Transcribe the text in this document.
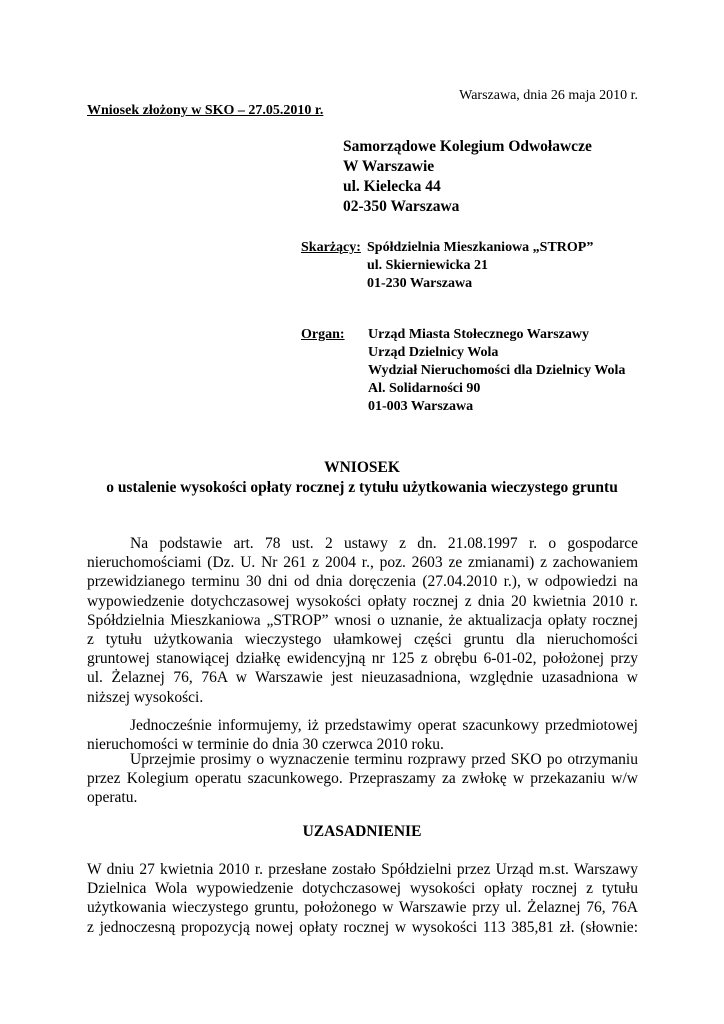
Warszawa, dnia 26 maja 2010 r.
Wniosek złożony w SKO – 27.05.2010 r.
Samorządowe Kolegium Odwoławcze
W Warszawie
ul. Kielecka 44
02-350 Warszawa
Skarżący: Spółdzielnia Mieszkaniowa „STROP”
ul. Skierniewicka 21
01-230 Warszawa
Organ: Urząd Miasta Stołecznego Warszawy
Urząd Dzielnicy Wola
Wydział Nieruchomości dla Dzielnicy Wola
Al. Solidarności 90
01-003 Warszawa
WNIOSEK
o ustalenie wysokości opłaty rocznej z tytułu użytkowania wieczystego gruntu
Na podstawie art. 78 ust. 2 ustawy z dn. 21.08.1997 r. o gospodarce
nieruchomościami (Dz. U. Nr 261 z 2004 r., poz. 2603 ze zmianami) z zachowaniem
przewidzianego terminu 30 dni od dnia doręczenia (27.04.2010 r.), w odpowiedzi na
wypowiedzenie dotychczasowej wysokości opłaty rocznej z dnia 20 kwietnia 2010 r.
Spółdzielnia Mieszkaniowa „STROP” wnosi o uznanie, że aktualizacja opłaty rocznej
z tytułu użytkowania wieczystego ułamkowej części gruntu dla nieruchomości
gruntowej stanowiącej działkę ewidencyjną nr 125 z obrębu 6-01-02, położonej przy
ul. Żelaznej 76, 76A w Warszawie jest nieuzasadniona, względnie uzasadniona w
niższej wysokości.
Jednocześnie informujemy, iż przedstawimy operat szacunkowy przedmiotowej
nieruchomości w terminie do dnia 30 czerwca 2010 roku.
Uprzejmie prosimy o wyznaczenie terminu rozprawy przed SKO po otrzymaniu
przez Kolegium operatu szacunkowego. Przepraszamy za zwłokę w przekazaniu w/w
operatu.
UZASADNIENIE
W dniu 27 kwietnia 2010 r. przesłane zostało Spółdzielni przez Urząd m.st. Warszawy
Dzielnica Wola wypowiedzenie dotychczasowej wysokości opłaty rocznej z tytułu
użytkowania wieczystego gruntu, położonego w Warszawie przy ul. Żelaznej 76, 76A
z jednoczesną propozycją nowej opłaty rocznej w wysokości 113 385,81 zł. (słownie:
